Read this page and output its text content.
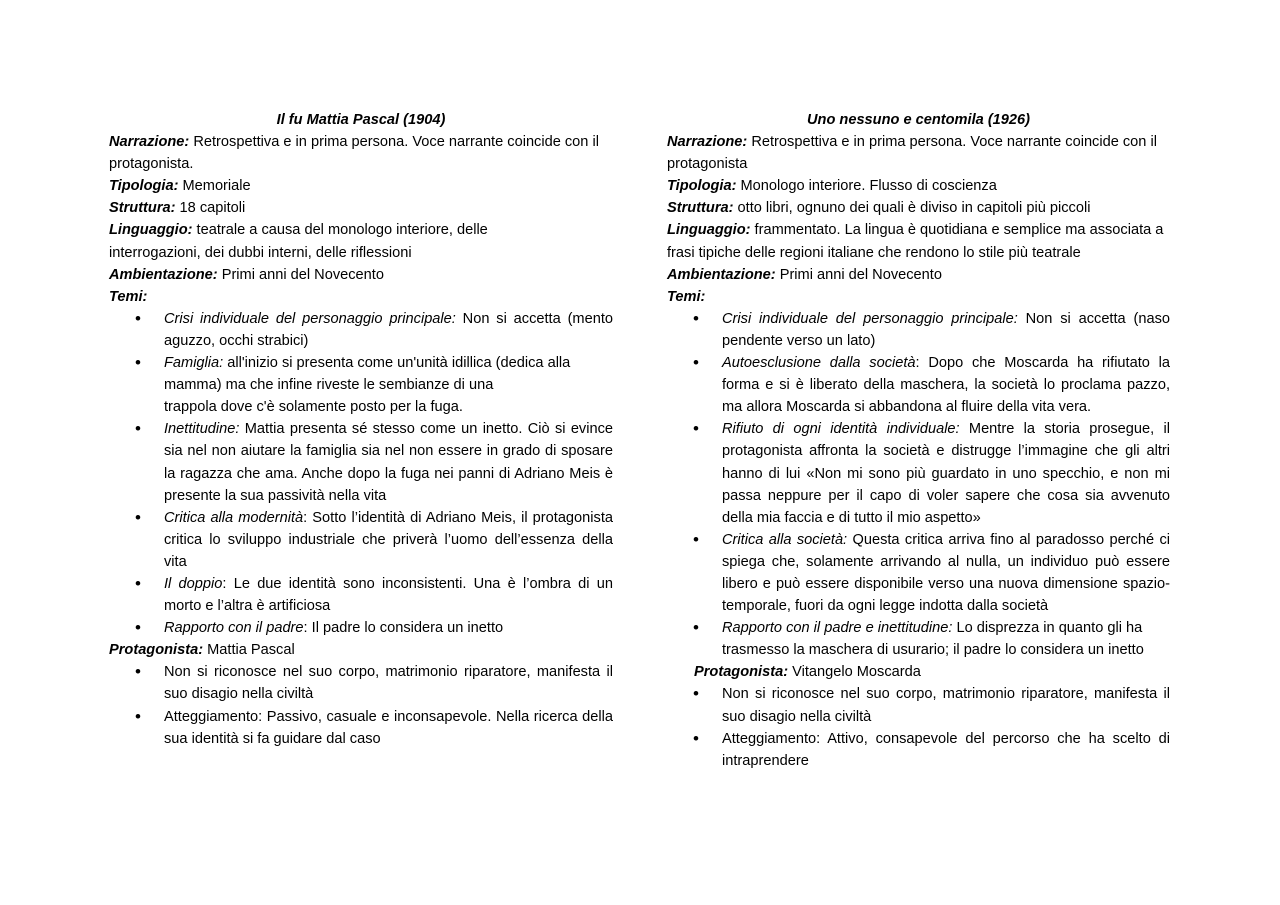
Il fu Mattia Pascal (1904)
Narrazione: Retrospettiva e in prima persona. Voce narrante coincide con il protagonista.
Tipologia: Memoriale
Struttura: 18 capitoli
Linguaggio: teatrale a causa del monologo interiore, delle
interrogazioni, dei dubbi interni, delle riflessioni
Ambientazione: Primi anni del Novecento
Temi:
• Crisi individuale del personaggio principale: Non si accetta (mento aguzzo, occhi strabici)
• Famiglia: all'inizio si presenta come un'unità idillica (dedica alla mamma) ma che infine riveste le sembianze di una
trappola dove c'è solamente posto per la fuga.
• Inettitudine: Mattia presenta sé stesso come un inetto. Ciò si evince sia nel non aiutare la famiglia sia nel non essere in grado di sposare la ragazza che ama. Anche dopo la fuga nei panni di Adriano Meis è presente la sua passività nella vita
• Critica alla modernità: Sotto l’identità di Adriano Meis, il protagonista critica lo sviluppo industriale che priverà l’uomo dell’essenza della vita
• Il doppio: Le due identità sono inconsistenti. Una è l’ombra di un morto e l’altra è artificiosa
• Rapporto con il padre: Il padre lo considera un inetto
Protagonista: Mattia Pascal
• Non si riconosce nel suo corpo, matrimonio riparatore, manifesta il suo disagio nella civiltà
• Atteggiamento: Passivo, casuale e inconsapevole. Nella ricerca della sua identità si fa guidare dal caso
Uno nessuno e centomila (1926)
Narrazione: Retrospettiva e in prima persona. Voce narrante coincide con il protagonista
Tipologia: Monologo interiore. Flusso di coscienza
Struttura: otto libri, ognuno dei quali è diviso in capitoli più piccoli
Linguaggio: frammentato. La lingua è quotidiana e semplice ma associata a frasi tipiche delle regioni italiane che rendono lo stile più teatrale
Ambientazione: Primi anni del Novecento
Temi:
• Crisi individuale del personaggio principale: Non si accetta (naso pendente verso un lato)
• Autoesclusione dalla società: Dopo che Moscarda ha rifiutato la forma e si è liberato della maschera, la società lo proclama pazzo, ma allora Moscarda si abbandona al fluire della vita vera.
• Rifiuto di ogni identità individuale: Mentre la storia prosegue, il protagonista affronta la società e distrugge l’immagine che gli altri hanno di lui «Non mi sono più guardato in uno specchio, e non mi passa neppure per il capo di voler sapere che cosa sia avvenuto della mia faccia e di tutto il mio aspetto»
• Critica alla società: Questa critica arriva fino al paradosso perché ci spiega che, solamente arrivando al nulla, un individuo può essere libero e può essere disponibile verso una nuova dimensione spazio-temporale, fuori da ogni legge indotta dalla società
• Rapporto con il padre e inettitudine: Lo disprezza in quanto gli ha trasmesso la maschera di usurario; il padre lo considera un inetto
Protagonista: Vitangelo Moscarda
• Non si riconosce nel suo corpo, matrimonio riparatore, manifesta il suo disagio nella civiltà
• Atteggiamento: Attivo, consapevole del percorso che ha scelto di intraprendere
